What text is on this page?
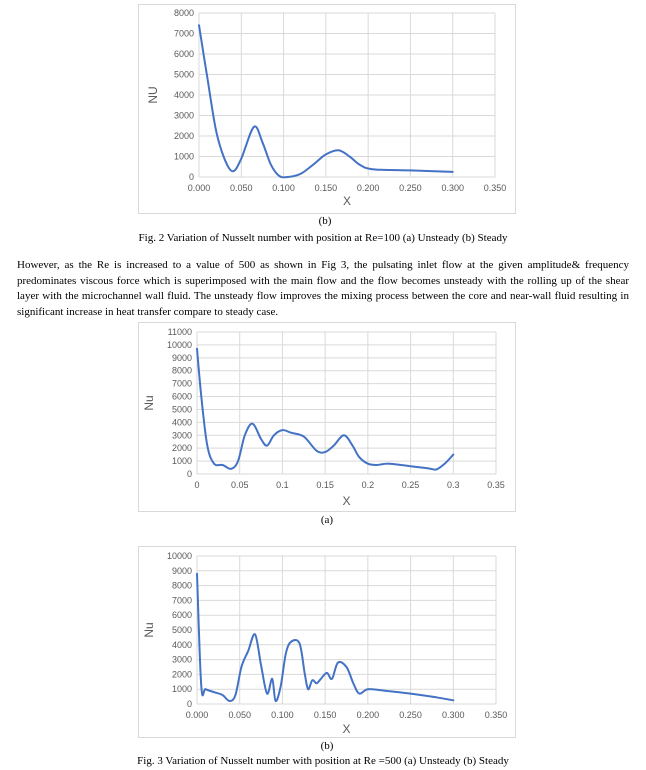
0
1000
2000
3000
4000
5000
6000
7000
8000
0.000 0.050 0.100 0.150 0.200 0.250 0.300 0.350
X
NU
(b)
Fig. 2 Variation of Nusselt number with position at Re=100 (a) Unsteady (b) Steady
However, as the Re is increased to a value of 500 as shown in Fig 3, the pulsating inlet flow at the given amplitude& frequency predominates viscous force which is superimposed with the main flow and the flow becomes unsteady with the rolling up of the shear layer with the microchannel wall fluid. The unsteady flow improves the mixing process between the core and near-wall fluid resulting in significant increase in heat transfer compare to steady case.
0
1000
2000
3000
4000
5000
6000
7000
8000
9000
10000
11000
0	0.05	0.1	0.15	0.2	0.25	0.3	0.35
X
Nu
(a)
0
1000
2000
3000
4000
5000
6000
7000
8000
9000
10000
0.000 0.050 0.100 0.150 0.200 0.250 0.300 0.350
X
Nu
(b)
Fig. 3 Variation of Nusselt number with position at Re =500 (a) Unsteady (b) Steady
